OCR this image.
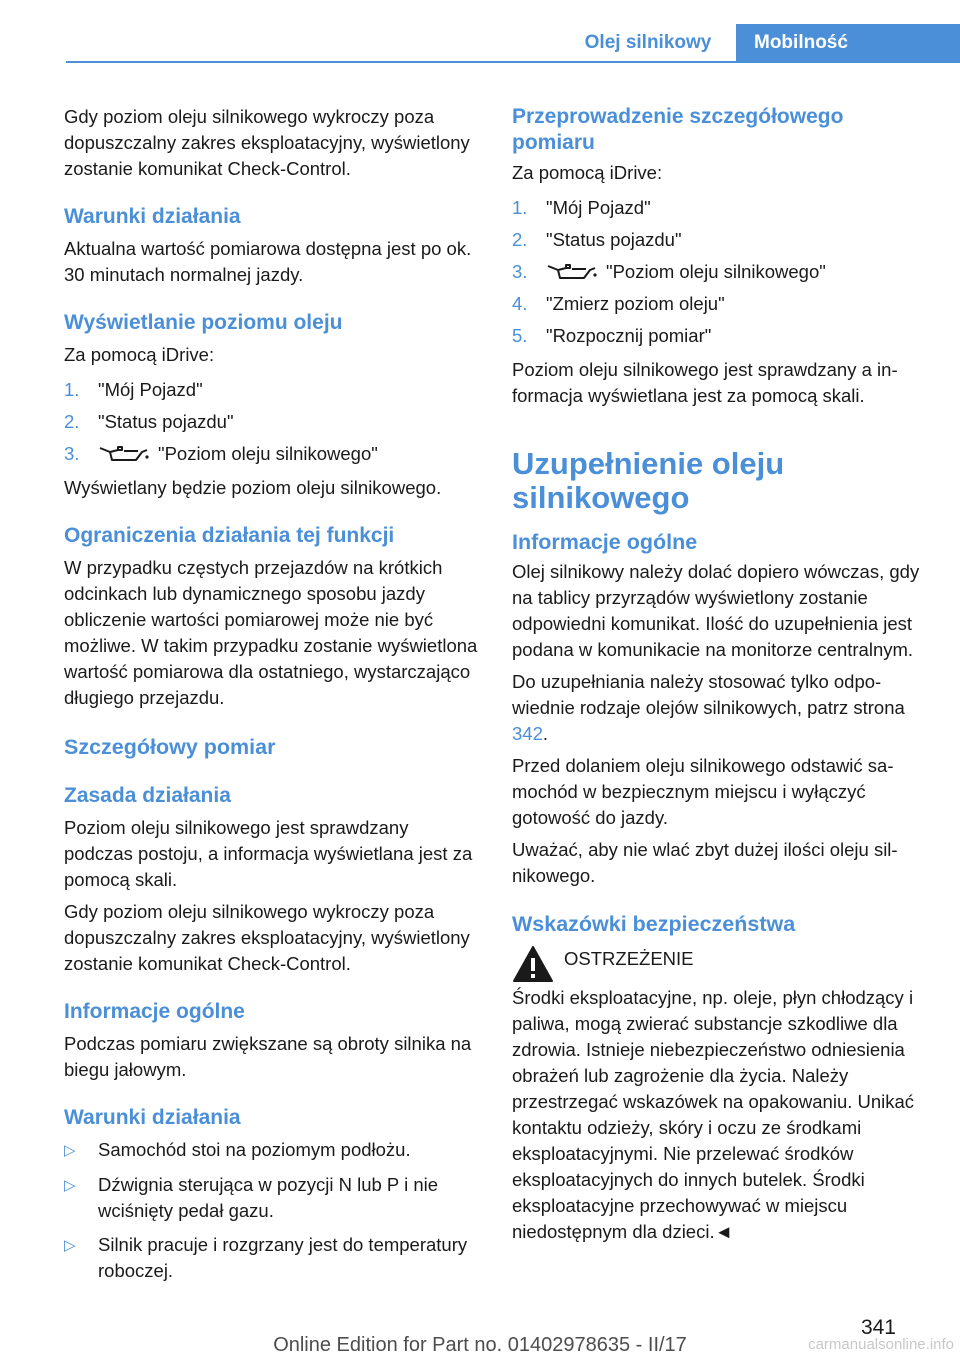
Olej silnikowy	Mobilność

Gdy poziom oleju silnikowego wykroczy poza dopuszczalny zakres eksploatacyjny, wyświetlony zostanie komunikat Check-Control.

Warunki działania

Aktualna wartość pomiarowa dostępna jest po ok. 30 minutach normalnej jazdy.

Wyświetlanie poziomu oleju

Za pomocą iDrive:

1.	"Mój Pojazd"
2.	"Status pojazdu"
3.	"Poziom oleju silnikowego"

Wyświetlany będzie poziom oleju silnikowego.

Ograniczenia działania tej funkcji

W przypadku częstych przejazdów na krótkich odcinkach lub dynamicznego sposobu jazdy obliczenie wartości pomiarowej może nie być możliwe. W takim przypadku zostanie wyświetlona wartość pomiarowa dla ostatniego, wystarczająco długiego przejazdu.

Szczegółowy pomiar
Zasada działania

Poziom oleju silnikowego jest sprawdzany podczas postoju, a informacja wyświetlana jest za pomocą skali.

Gdy poziom oleju silnikowego wykroczy poza dopuszczalny zakres eksploatacyjny, wyświetlony zostanie komunikat Check-Control.

Informacje ogólne

Podczas pomiaru zwiększane są obroty silnika na biegu jałowym.

Warunki działania
▷	Samochód stoi na poziomym podłożu.
▷	Dźwignia sterująca w pozycji N lub P i nie wciśnięty pedał gazu.
▷	Silnik pracuje i rozgrzany jest do temperatury roboczej.
Przeprowadzenie szczegółowego pomiaru

Za pomocą iDrive:

1.	"Mój Pojazd"
2.	"Status pojazdu"
3.	"Poziom oleju silnikowego"
4.	"Zmierz poziom oleju"
5.	"Rozpocznij pomiar"

Poziom oleju silnikowego jest sprawdzany a informacja wyświetlana jest za pomocą skali.

Uzupełnienie oleju silnikowego
Informacje ogólne

Olej silnikowy należy dolać dopiero wówczas, gdy na tablicy przyrządów wyświetlony zostanie odpowiedni komunikat. Ilość do uzupełnienia jest podana w komunikacie na monitorze centralnym.

Do uzupełniania należy stosować tylko odpowiednie rodzaje olejów silnikowych, patrz strona 342.

Przed dolaniem oleju silnikowego odstawić samochód w bezpiecznym miejscu i wyłączyć gotowość do jazdy.

Uważać, aby nie wlać zbyt dużej ilości oleju silnikowego.

Wskazówki bezpieczeństwa
OSTRZEŻENIE

Środki eksploatacyjne, np. oleje, płyn chłodzący i paliwa, mogą zwierać substancje szkodliwe dla zdrowia. Istnieje niebezpieczeństwo odniesienia obrażeń lub zagrożenie dla życia. Należy przestrzegać wskazówek na opakowaniu. Unikać kontaktu odzieży, skóry i oczu ze środkami eksploatacyjnymi. Nie przelewać środków eksploatacyjnych do innych butelek. Środki eksploatacyjne przechowywać w miejscu niedostępnym dla dzieci.◄

341
Online Edition for Part no. 01402978635 - II/17	carmanualsonline.info
